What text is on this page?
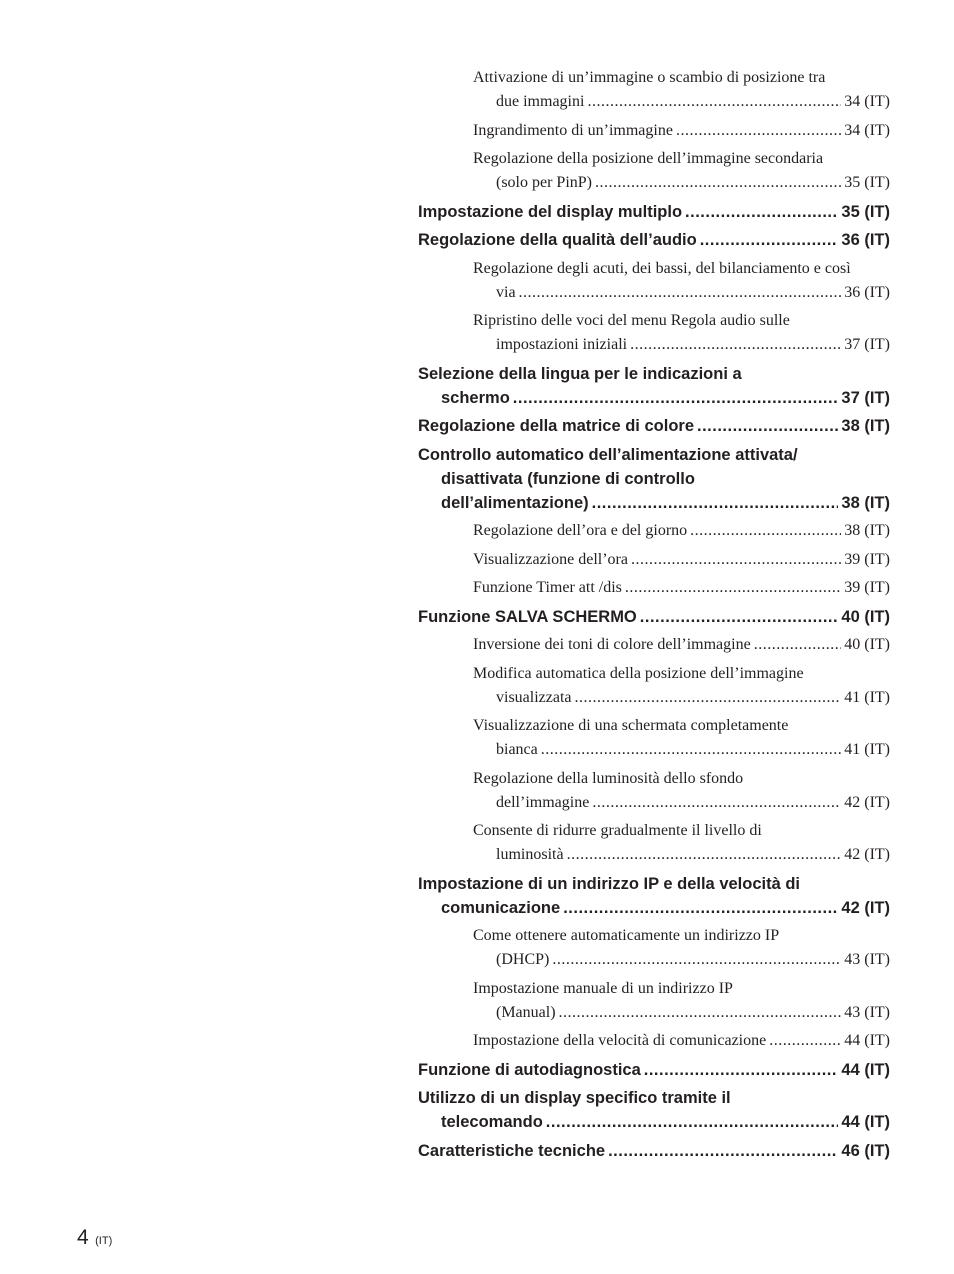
Attivazione di un’immagine o scambio di posizione tra
due immagini .....	34 (IT)
Ingrandimento di un’immagine .....	34 (IT)
Regolazione della posizione dell’immagine secondaria
(solo per PinP) .....	35 (IT)
Impostazione del display multiplo .....	35 (IT)
Regolazione della qualità dell’audio .....	36 (IT)
Regolazione degli acuti, dei bassi, del bilanciamento e così
via .....	36 (IT)
Ripristino delle voci del menu Regola audio sulle
impostazioni iniziali .....	37 (IT)
Selezione della lingua per le indicazioni a
schermo .....	37 (IT)
Regolazione della matrice di colore .....	38 (IT)
Controllo automatico dell’alimentazione attivata/
disattivata (funzione di controllo
dell’alimentazione) .....	38 (IT)
Regolazione dell’ora e del giorno .....	38 (IT)
Visualizzazione dell’ora .....	39 (IT)
Funzione Timer att /dis .....	39 (IT)
Funzione SALVA SCHERMO .....	40 (IT)
Inversione dei toni di colore dell’immagine .....	40 (IT)
Modifica automatica della posizione dell’immagine
visualizzata .....	41 (IT)
Visualizzazione di una schermata completamente
bianca .....	41 (IT)
Regolazione della luminosità dello sfondo
dell’immagine .....	42 (IT)
Consente di ridurre gradualmente il livello di
luminosità .....	42 (IT)
Impostazione di un indirizzo IP e della velocità di
comunicazione .....	42 (IT)
Come ottenere automaticamente un indirizzo IP
(DHCP) .....	43 (IT)
Impostazione manuale di un indirizzo IP
(Manual) .....	43 (IT)
Impostazione della velocità di comunicazione .....	44 (IT)
Funzione di autodiagnostica .....	44 (IT)
Utilizzo di un display specifico tramite il
telecomando .....	44 (IT)
Caratteristiche tecniche .....	46 (IT)
4 (IT)
